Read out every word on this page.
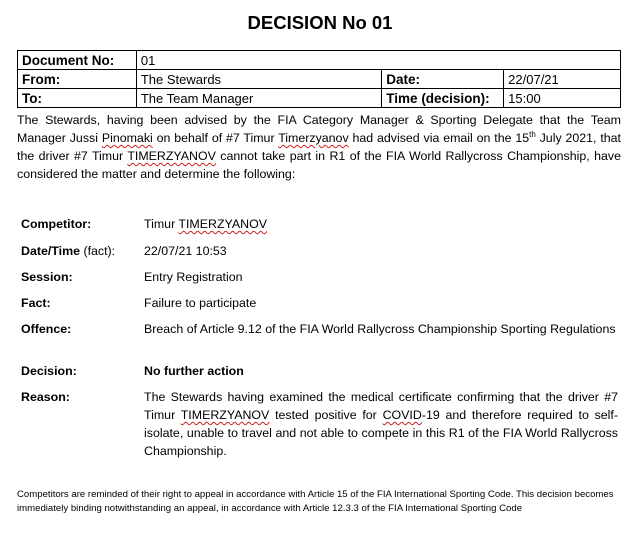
DECISION No 01
Document No:	01		
From:	The Stewards	Date:	22/07/21
To:	The Team Manager	Time (decision):	15:00
The Stewards, having been advised by the FIA Category Manager & Sporting Delegate that the Team Manager Jussi Pinomaki on behalf of #7 Timur Timerzyanov had advised via email on the 15th July 2021, that the driver #7 Timur TIMERZYANOV cannot take part in R1 of the FIA World Rallycross Championship, have considered the matter and determine the following:
Competitor:	Timur TIMERZYANOV
Date/Time (fact):	22/07/21 10:53
Session:	Entry Registration
Fact:	Failure to participate
Offence:	Breach of Article 9.12 of the FIA World Rallycross Championship Sporting Regulations
Decision:	No further action
Reason:	The Stewards having examined the medical certificate confirming that the driver #7 Timur TIMERZYANOV tested positive for COVID-19 and therefore required to self-isolate, unable to travel and not able to compete in this R1 of the FIA World Rallycross Championship.
Competitors are reminded of their right to appeal in accordance with Article 15 of the FIA International Sporting Code. This decision becomes immediately binding notwithstanding an appeal, in accordance with Article 12.3.3 of the FIA International Sporting Code
